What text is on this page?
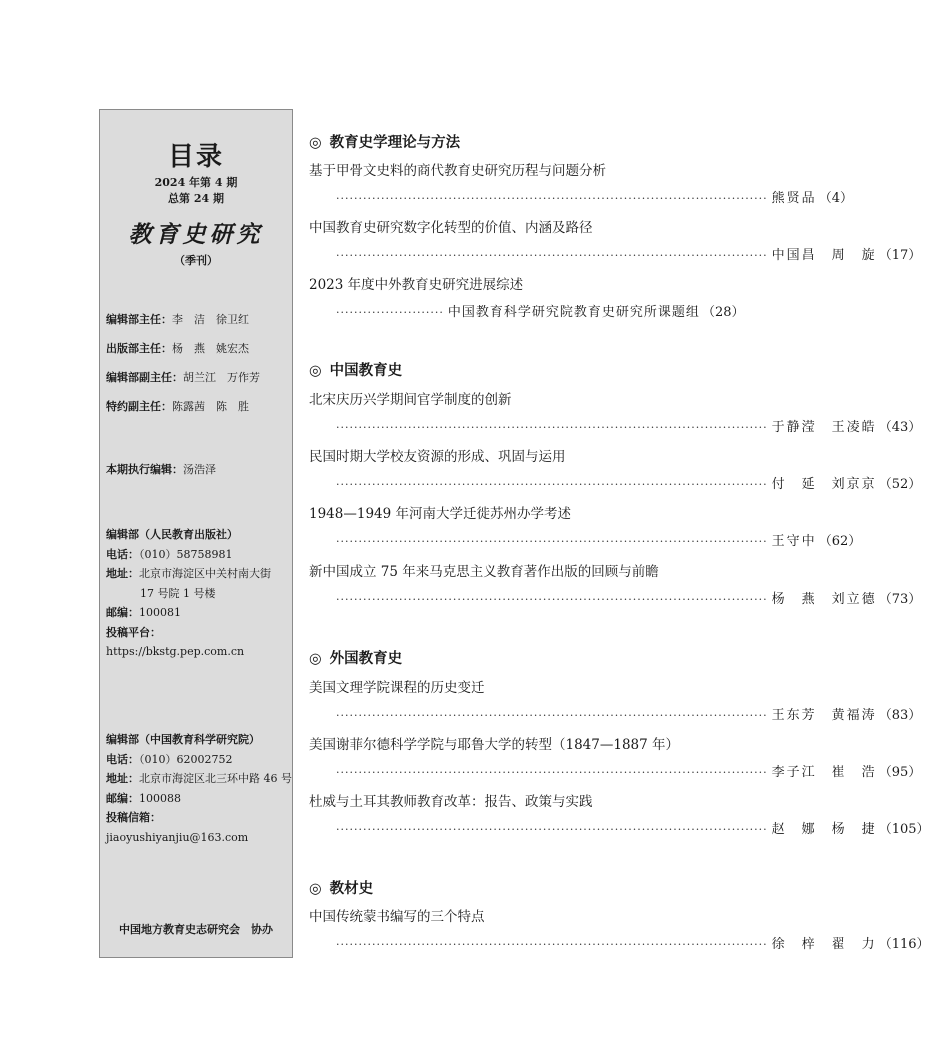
目录
2024 年第 4 期
总第 24 期
教育史研究
（季刊）
编辑部主任：李　洁　徐卫红
出版部主任：杨　燕　姚宏杰
编辑部副主任：胡兰江　万作芳
特约副主任：陈露茜　陈　胜
本期执行编辑：汤浩泽
编辑部（人民教育出版社）
电话：（010）58758981
地址：北京市海淀区中关村南大街
17 号院 1 号楼
邮编：100081
投稿平台：https://bkstg.pep.com.cn
编辑部（中国教育科学研究院）
电话：（010）62002752
地址：北京市海淀区北三环中路 46 号
邮编：100088
投稿信箱：jiaoyushiyanjiu@163.com
中国地方教育史志研究会　协办
◎ 教育史学理论与方法
基于甲骨文史料的商代教育史研究历程与问题分析
································································································ 熊贤品 （4）
中国教育史研究数字化转型的价值、内涵及路径
································································································ 中国昌　周　旋 （17）
2023 年度中外教育史研究进展综述
························ 中国教育科学研究院教育史研究所课题组 （28）
◎ 中国教育史
北宋庆历兴学期间官学制度的创新
································································································ 于静滢　王凌皓 （43）
民国时期大学校友资源的形成、巩固与运用
································································································ 付　延　刘京京 （52）
1948—1949 年河南大学迁徙苏州办学考述
································································································ 王守中 （62）
新中国成立 75 年来马克思主义教育著作出版的回顾与前瞻
································································································ 杨　燕　刘立德 （73）
◎ 外国教育史
美国文理学院课程的历史变迁
································································································ 王东芳　黄福涛 （83）
美国谢菲尔德科学学院与耶鲁大学的转型（1847—1887 年）
································································································ 李子江　崔　浩 （95）
杜威与土耳其教师教育改革：报告、政策与实践
································································································ 赵　娜　杨　捷 （105）
◎ 教材史
中国传统蒙书编写的三个特点
································································································ 徐　梓　翟　力 （116）
